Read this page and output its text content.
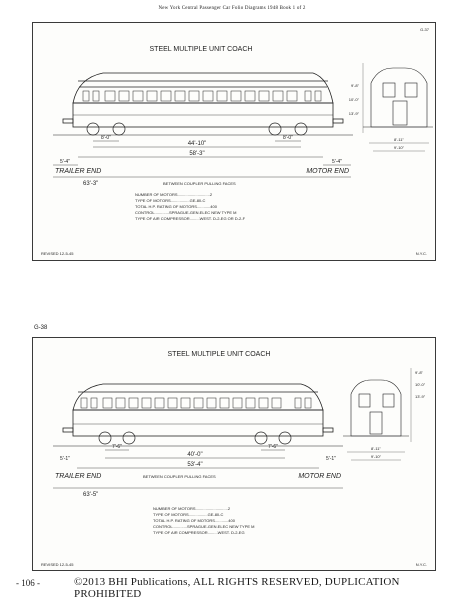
New York Central Passenger Car Folio Diagrams 1948 Book 1 of 2
STEEL MULTIPLE UNIT COACH
G-37
44'-10"
58'-3"
8'-0"	8'-0"
5'-4"	5'-4"
TRAILER END	MOTOR END
63'-3"	BETWEEN COUPLER PULLING FACES
9'-8"
10'-0"
13'-9"
8'-11"
9'-10"
NUMBER OF MOTORS.............................2
TYPE OF MOTORS.................GE-80-C
TOTAL H.P. RATING OF MOTORS............400
CONTROL.............SPRAGUE-GEN.ELEC NEW TYPE M
TYPE OF AIR COMPRESSOR.........WEST. D-2-EG OR D-2-F
REVISED 12-5-45	N.Y.C.
G-38
STEEL MULTIPLE UNIT COACH
40'-0"
53'-4"
7'-6"	7'-6"
5'-1"	5'-1"
TRAILER END	MOTOR END
63'-5"
BETWEEN COUPLER PULLING FACES
9'-8"
10'-0"
13'-9"
8'-11"
9'-10"
NUMBER OF MOTORS.............................2
TYPE OF MOTORS.................GE-80-C
TOTAL H.P. RATING OF MOTORS............400
CONTROL.............SPRAGUE-GEN.ELEC NEW TYPE M
TYPE OF AIR COMPRESSOR.........WEST. D-2-EG
REVISED 12-5-45	N.Y.C.
- 106 -	©2013 BHI Publications, ALL RIGHTS RESERVED, DUPLICATION PROHIBITED
